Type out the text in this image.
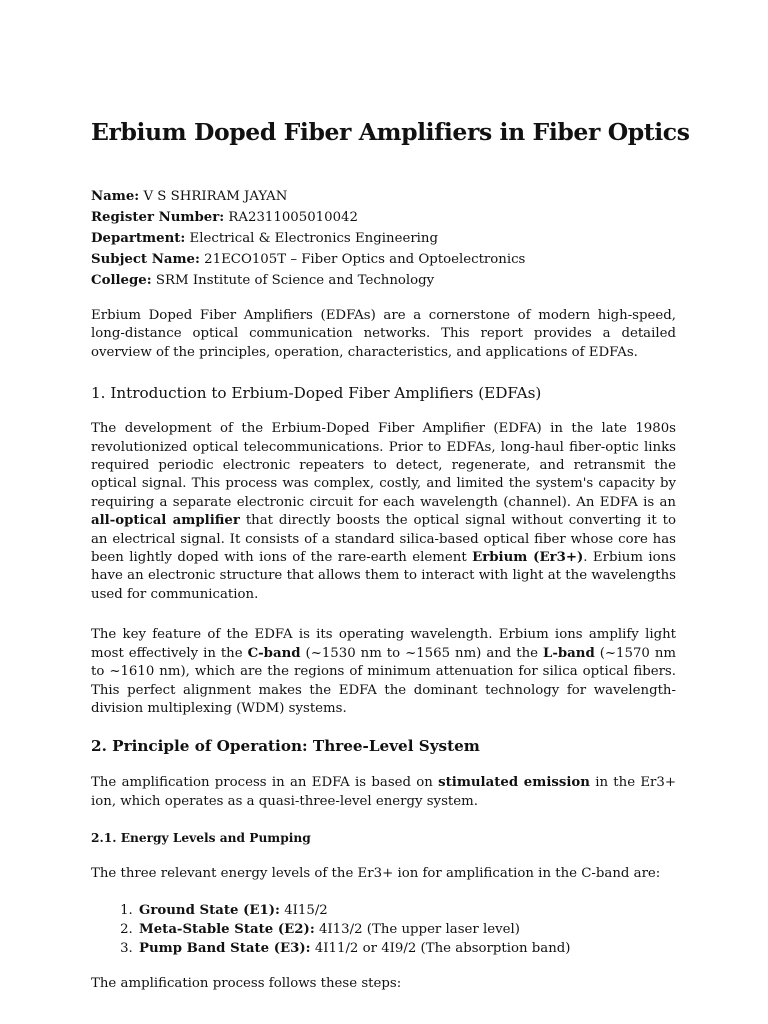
Erbium Doped Fiber Amplifiers in Fiber Optics
Name: V S SHRIRAM JAYAN
Register Number: RA2311005010042
Department: Electrical & Electronics Engineering
Subject Name: 21ECO105T – Fiber Optics and Optoelectronics
College: SRM Institute of Science and Technology

Erbium Doped Fiber Amplifiers (EDFAs) are a cornerstone of modern high-speed, long-distance optical communication networks. This report provides a detailed overview of the principles, operation, characteristics, and applications of EDFAs.

1. Introduction to Erbium-Doped Fiber Amplifiers (EDFAs)

The development of the Erbium-Doped Fiber Amplifier (EDFA) in the late 1980s revolutionized optical telecommunications. Prior to EDFAs, long-haul fiber-optic links required periodic electronic repeaters to detect, regenerate, and retransmit the optical signal. This process was complex, costly, and limited the system's capacity by requiring a separate electronic circuit for each wavelength (channel). An EDFA is an all-optical amplifier that directly boosts the optical signal without converting it to an electrical signal. It consists of a standard silica-based optical fiber whose core has been lightly doped with ions of the rare-earth element Erbium (Er3+). Erbium ions have an electronic structure that allows them to interact with light at the wavelengths used for communication.

The key feature of the EDFA is its operating wavelength. Erbium ions amplify light most effectively in the C-band (~1530 nm to ~1565 nm) and the L-band (~1570 nm to ~1610 nm), which are the regions of minimum attenuation for silica optical fibers. This perfect alignment makes the EDFA the dominant technology for wavelength-division multiplexing (WDM) systems.

2. Principle of Operation: Three-Level System

The amplification process in an EDFA is based on stimulated emission in the Er3+ ion, which operates as a quasi-three-level energy system.

2.1. Energy Levels and Pumping

The three relevant energy levels of the Er3+ ion for amplification in the C-band are:

1. Ground State (E1): 4I15/2
2. Meta-Stable State (E2): 4I13/2 (The upper laser level)
3. Pump Band State (E3): 4I11/2 or 4I9/2 (The absorption band)

The amplification process follows these steps:
